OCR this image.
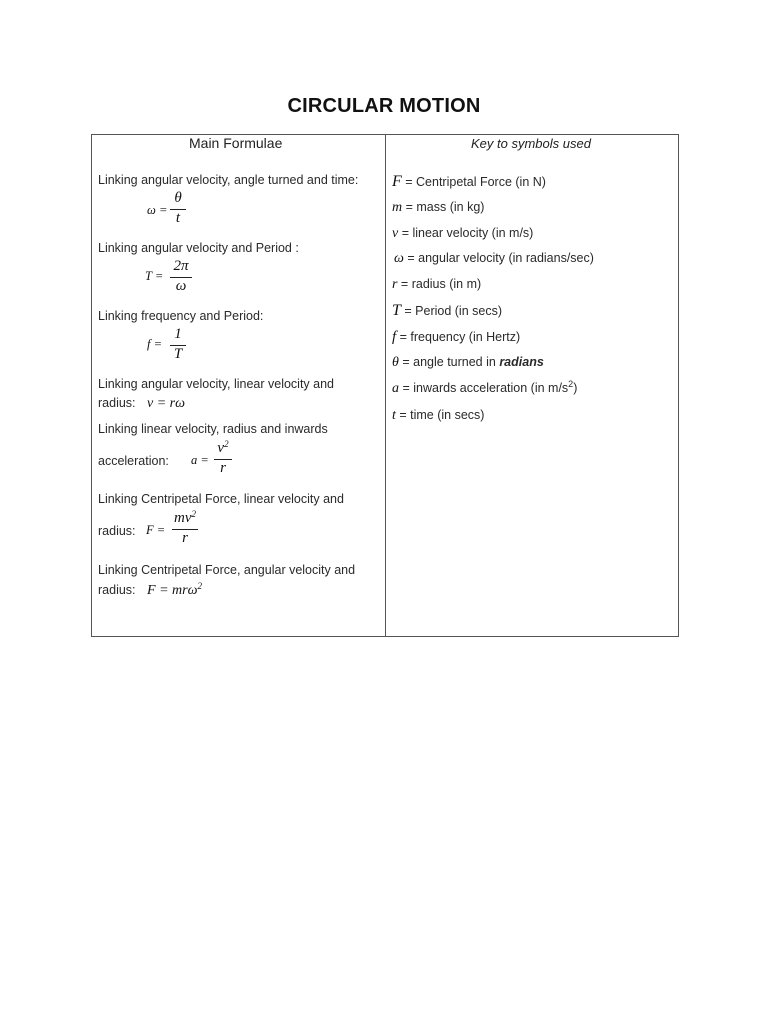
CIRCULAR MOTION
Main Formulae	Key to symbols used
Linking angular velocity, angle turned and time:
ω =
θ
t
Linking angular velocity and Period :
T =
2π
ω
Linking frequency and Period:
f =
1
T
Linking angular velocity, linear velocity and
radius: v = rω
Linking linear velocity, radius and inwards
acceleration: a =
$v^2$
r
Linking Centripetal Force, linear velocity and
radius: F =
$mv^2$
r
Linking Centripetal Force, angular velocity and
radius: F = mrω$^2$
F = Centripetal Force (in N)
m = mass (in kg)
v = linear velocity (in m/s)
ω = angular velocity (in radians/sec)
r = radius (in m)
T = Period (in secs)
f = frequency (in Hertz)
θ = angle turned in radians
a = inwards acceleration (in $m/s^2$)
t = time (in secs)
